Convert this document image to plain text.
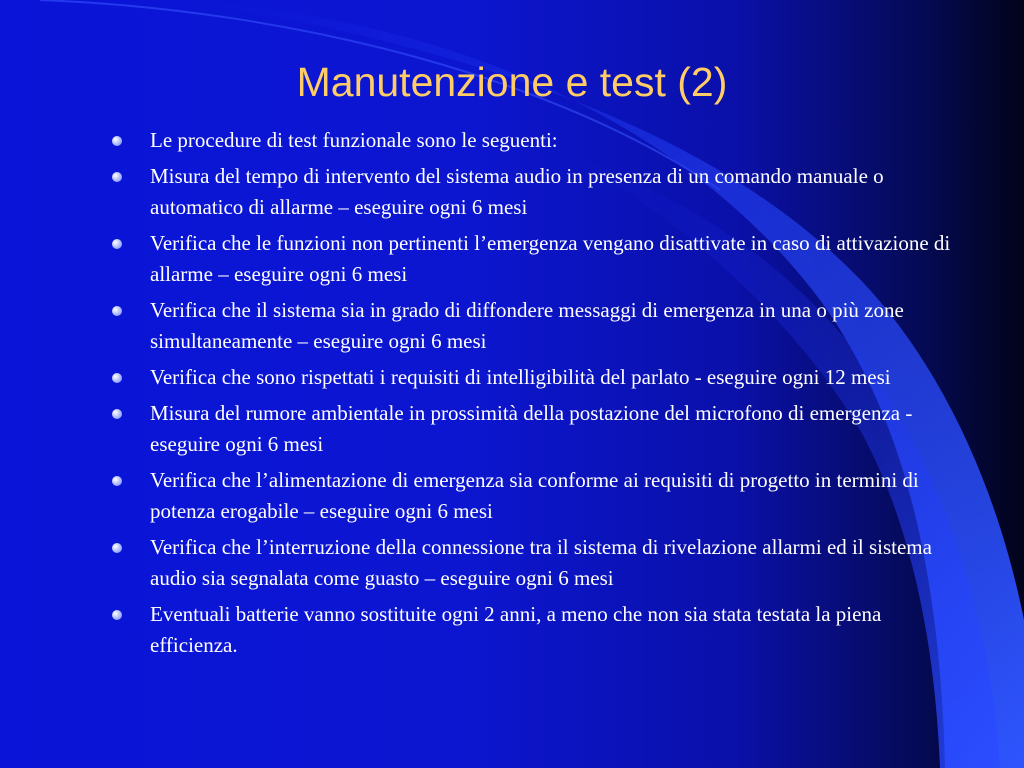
Manutenzione e test (2)
Le procedure di test funzionale sono le seguenti:
Misura del tempo di intervento del sistema audio in presenza di un comando manuale o automatico di allarme – eseguire ogni 6 mesi
Verifica che le funzioni non pertinenti l’emergenza vengano disattivate in caso di attivazione di allarme – eseguire ogni 6 mesi
Verifica che il sistema sia in grado di diffondere messaggi di emergenza in una o più zone simultaneamente – eseguire ogni 6 mesi
Verifica che sono rispettati i requisiti di intelligibilità del parlato - eseguire ogni 12 mesi
Misura del rumore ambientale in prossimità della postazione del microfono di emergenza - eseguire ogni 6 mesi
Verifica che l’alimentazione di emergenza sia conforme ai requisiti di progetto in termini di potenza erogabile – eseguire ogni 6 mesi
Verifica che l’interruzione della connessione tra il sistema di rivelazione allarmi ed il sistema audio sia segnalata come guasto – eseguire ogni 6 mesi
Eventuali batterie vanno sostituite ogni 2 anni, a meno che non sia stata testata la piena efficienza.
